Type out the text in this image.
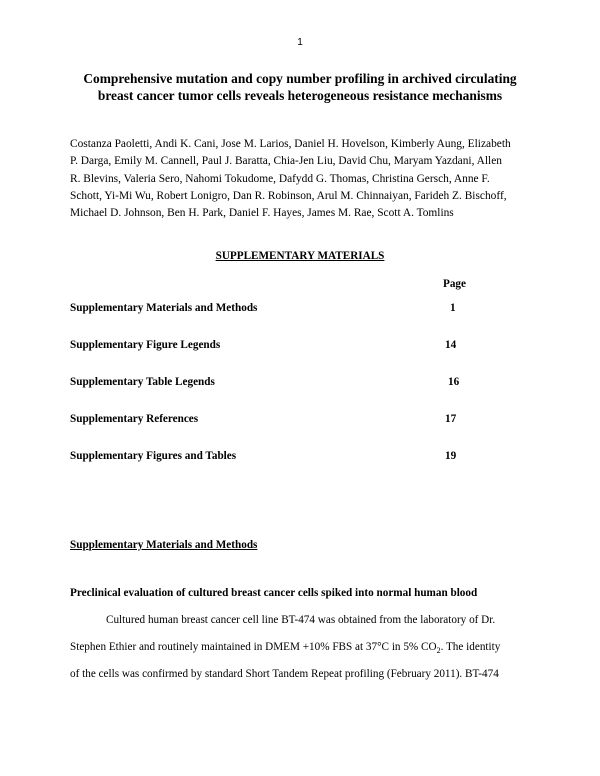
1
Comprehensive mutation and copy number profiling in archived circulating
breast cancer tumor cells reveals heterogeneous resistance mechanisms
Costanza Paoletti, Andi K. Cani, Jose M. Larios, Daniel H. Hovelson, Kimberly Aung, Elizabeth
P. Darga, Emily M. Cannell, Paul J. Baratta, Chia-Jen Liu, David Chu, Maryam Yazdani, Allen
R. Blevins, Valeria Sero, Nahomi Tokudome, Dafydd G. Thomas, Christina Gersch, Anne F.
Schott, Yi-Mi Wu, Robert Lonigro, Dan R. Robinson, Arul M. Chinnaiyan, Farideh Z. Bischoff,
Michael D. Johnson, Ben H. Park, Daniel F. Hayes, James M. Rae, Scott A. Tomlins
SUPPLEMENTARY MATERIALS
Page
Supplementary Materials and Methods	1
Supplementary Figure Legends	14
Supplementary Table Legends	16
Supplementary References	17
Supplementary Figures and Tables	19
Supplementary Materials and Methods
Preclinical evaluation of cultured breast cancer cells spiked into normal human blood
Cultured human breast cancer cell line BT-474 was obtained from the laboratory of Dr.
Stephen Ethier and routinely maintained in DMEM +10% FBS at 37°C in 5% $CO_2$. The identity
of the cells was confirmed by standard Short Tandem Repeat profiling (February 2011). BT-474
